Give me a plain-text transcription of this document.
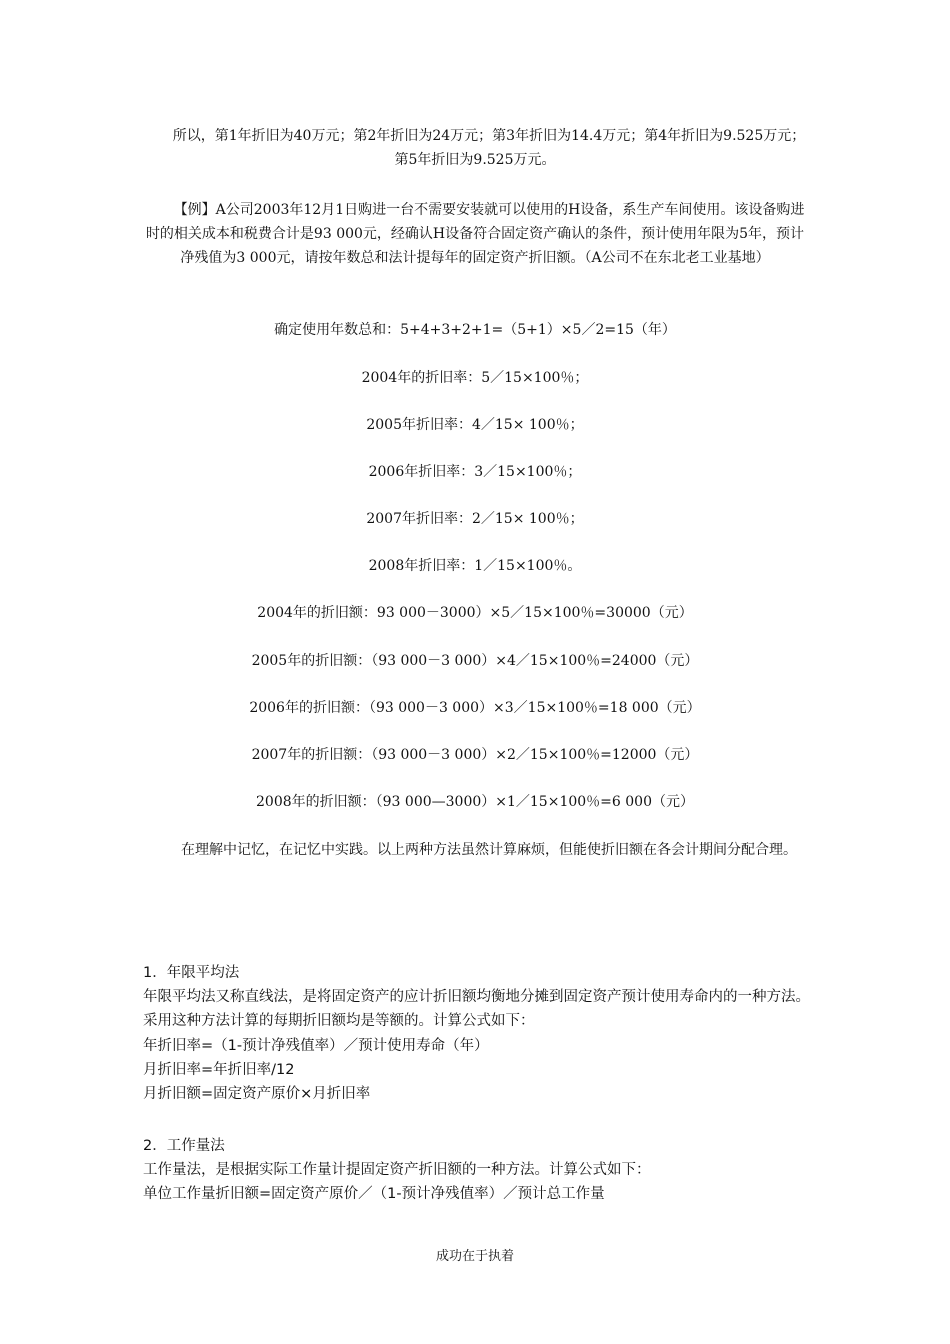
所以，第1年折旧为40万元；第2年折旧为24万元；第3年折旧为14.4万元；第4年折旧为9.525万元；第5年折旧为9.525万元。
【例】A公司2003年12月1日购进一台不需要安装就可以使用的H设备，系生产车间使用。该设备购进时的相关成本和税费合计是93 000元，经确认H设备符合固定资产确认的条件，预计使用年限为5年，预计净残值为3 000元，请按年数总和法计提每年的固定资产折旧额。（A公司不在东北老工业基地）
确定使用年数总和：5+4+3+2+1=（5+1）×5／2=15（年）
2004年的折旧率：5／15×100％；
2005年折旧率：4／15× 100％；
2006年折旧率：3／15×100％；
2007年折旧率：2／15× 100％；
2008年折旧率：1／15×100％。
2004年的折旧额：93 000－3000）×5／15×100％=30000（元）
2005年的折旧额：（93 000－3 000）×4／15×100％=24000（元）
2006年的折旧额：（93 000－3 000）×3／15×100％=18 000（元）
2007年的折旧额：（93 000－3 000）×2／15×100％=12000（元）
2008年的折旧额：（93 000—3000）×1／15×100％=6 000（元）
在理解中记忆，在记忆中实践。以上两种方法虽然计算麻烦，但能使折旧额在各会计期间分配合理。
1．年限平均法
年限平均法又称直线法，是将固定资产的应计折旧额均衡地分摊到固定资产预计使用寿命内的一种方法。采用这种方法计算的每期折旧额均是等额的。计算公式如下：
年折旧率=（1-预计净残值率）／预计使用寿命（年）
月折旧率=年折旧率/12
月折旧额=固定资产原价×月折旧率
2．工作量法
工作量法，是根据实际工作量计提固定资产折旧额的一种方法。计算公式如下：
单位工作量折旧额=固定资产原价／（1-预计净残值率）／预计总工作量
成功在于执着
